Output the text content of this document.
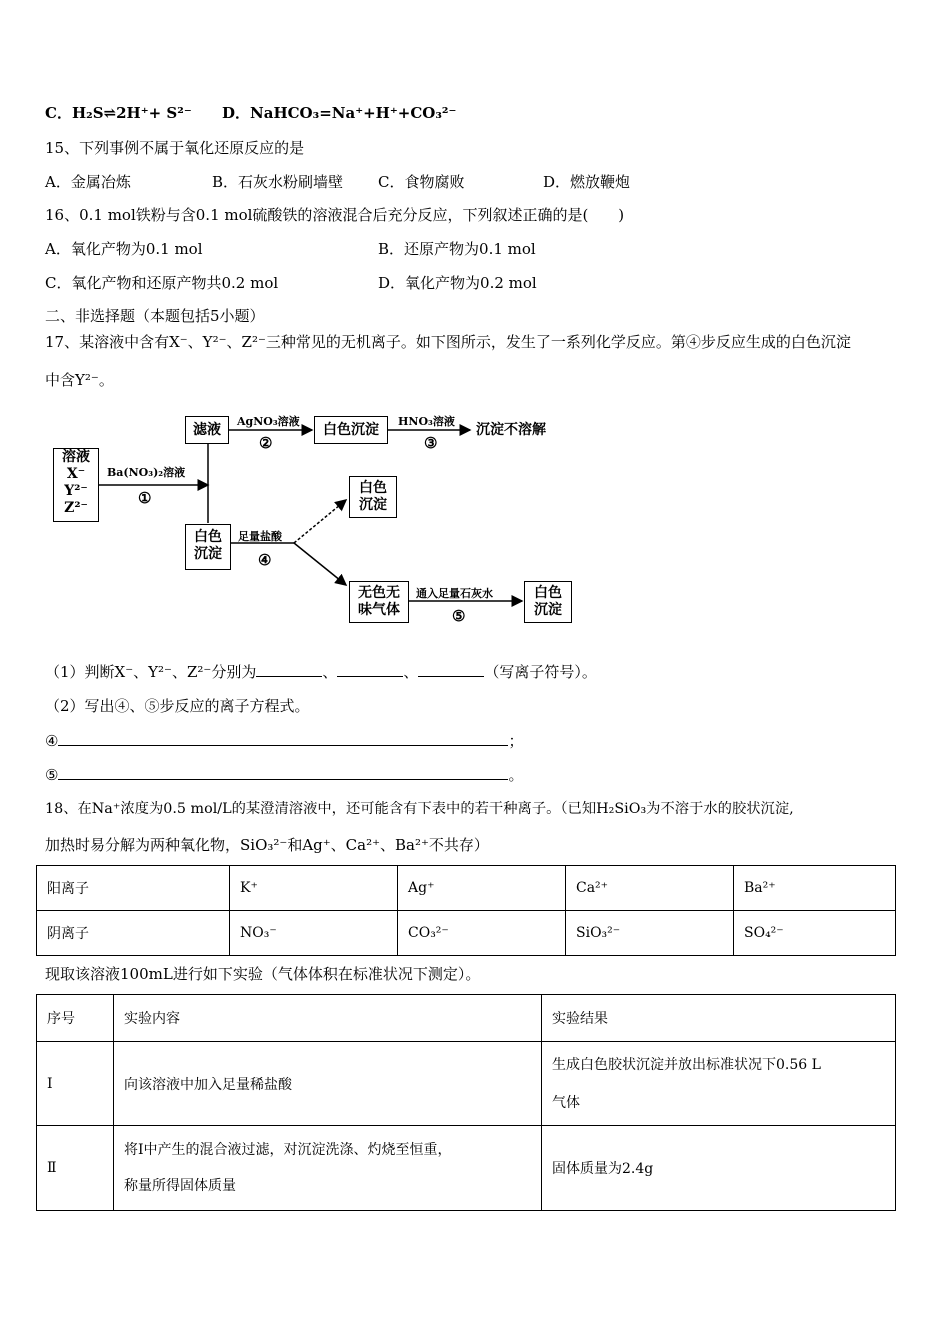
C．H₂S⇌2H⁺+ S²⁻ D．NaHCO₃=Na⁺+H⁺+CO₃²⁻
15、下列事例不属于氧化还原反应的是
A．金属冶炼	B．石灰水粉刷墙壁 C．食物腐败	D．燃放鞭炮
16、0.1 mol铁粉与含0.1 mol硫酸铁的溶液混合后充分反应，下列叙述正确的是(　　)
A．氧化产物为0.1 mol	B．还原产物为0.1 mol
C．氧化产物和还原产物共0.2 mol	D．氧化产物为0.2 mol
二、非选择题（本题包括5小题）
17、某溶液中含有X⁻、Y²⁻、Z²⁻三种常见的无机离子。如下图所示，发生了一系列化学反应。第④步反应生成的白色沉淀
中含Y²⁻。
溶液
X⁻
Y²⁻
Z²⁻
Ba(NO₃)₂溶液
①
滤液
AgNO₃溶液
②
白色沉淀
HNO₃溶液
③
沉淀不溶解
白色沉淀
足量盐酸
④
白色沉淀
无色无味气体
通入足量石灰水
⑤
白色沉淀
（1）判断X⁻、Y²⁻、Z²⁻分别为	、	、	（写离子符号）。
（2）写出④、⑤步反应的离子方程式。
④	；
⑤	。
18、在Na⁺浓度为0.5 mol/L的某澄清溶液中，还可能含有下表中的若干种离子。（已知H₂SiO₃为不溶于水的胶状沉淀,
加热时易分解为两种氧化物，SiO₃²⁻和Ag⁺、Ca²⁺、Ba²⁺不共存）
阳离子	K⁺	Ag⁺	Ca²⁺	Ba²⁺
阴离子	NO₃⁻	CO₃²⁻	SiO₃²⁻	SO₄²⁻
现取该溶液100mL进行如下实验（气体体积在标准状况下测定）。
序号	实验内容	实验结果
Ⅰ	向该溶液中加入足量稀盐酸	生成白色胶状沉淀并放出标准状况下0.56 L
气体

Ⅱ	将Ⅰ中产生的混合液过滤，对沉淀洗涤、灼烧至恒重，
称量所得固体质量	固体质量为2.4g
